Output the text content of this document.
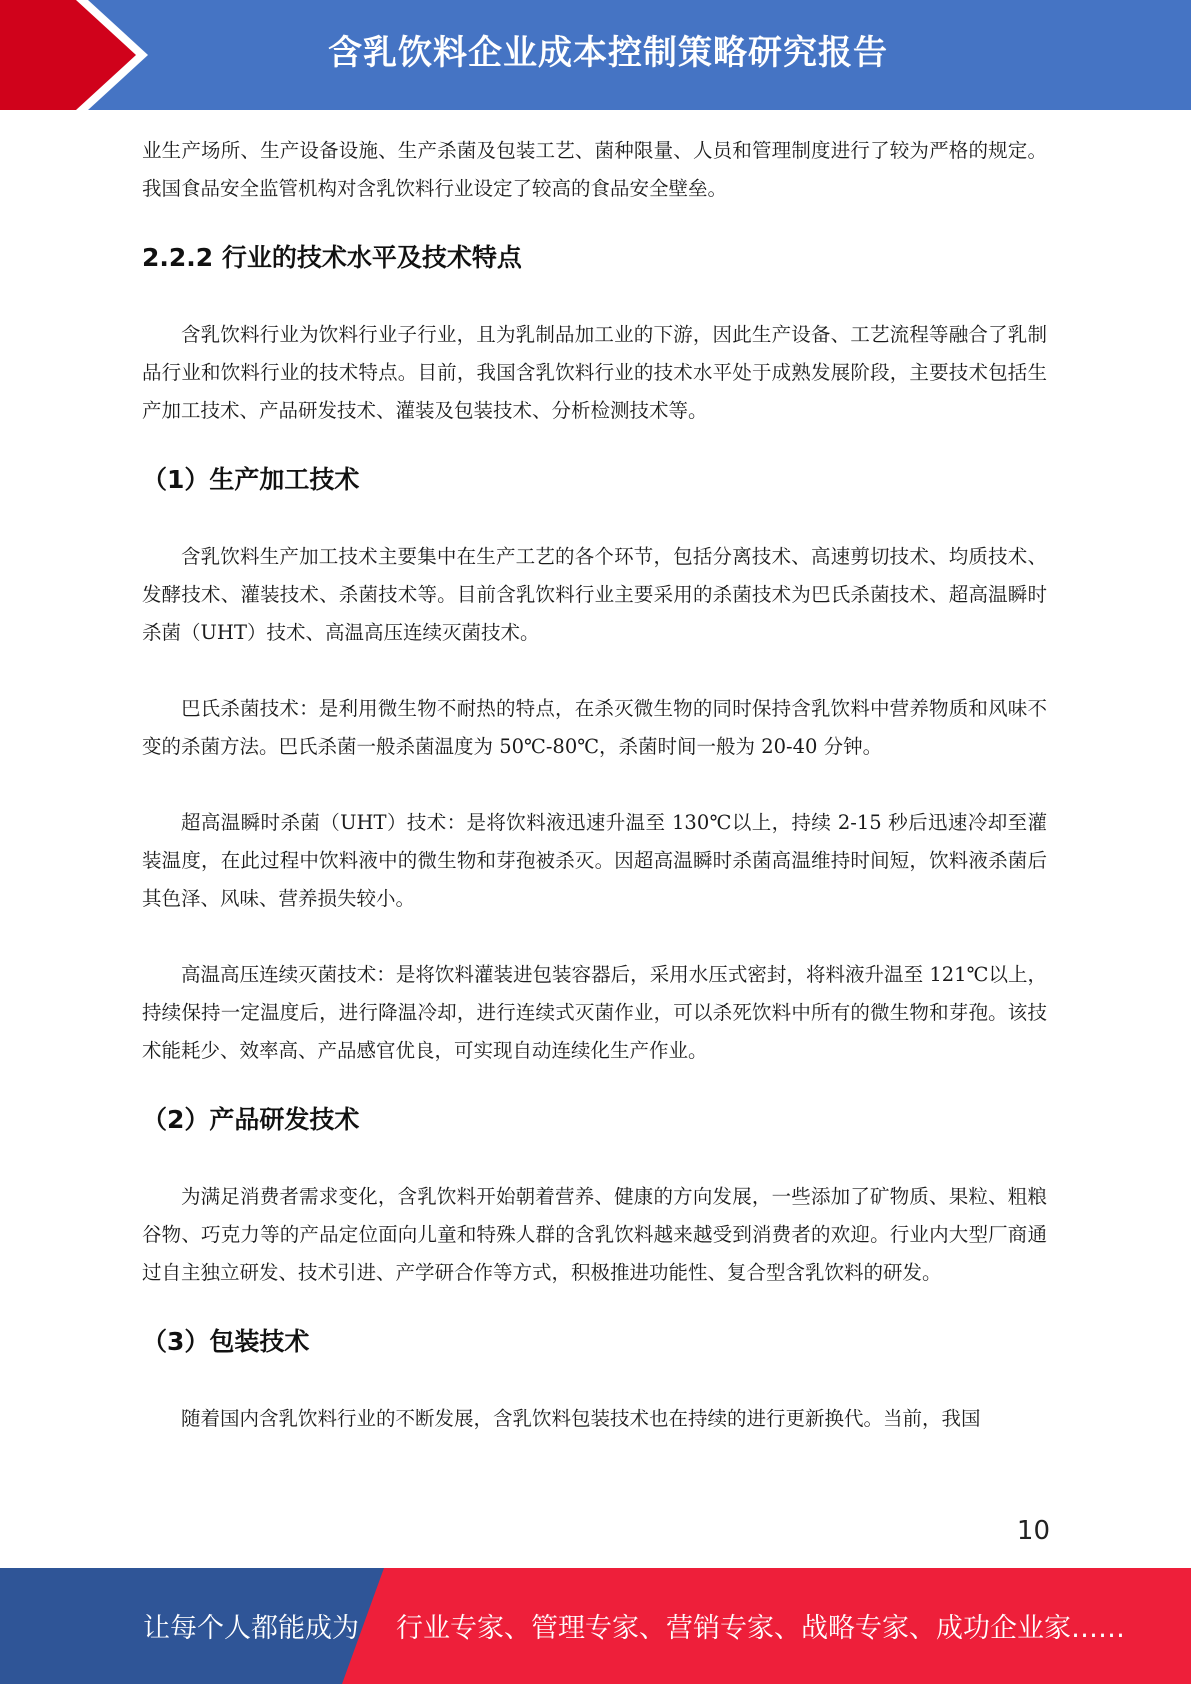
含乳饮料企业成本控制策略研究报告

业生产场所、生产设备设施、生产杀菌及包装工艺、菌种限量、人员和管理制度进行了较为严格的规定。我国食品安全监管机构对含乳饮料行业设定了较高的食品安全壁垒。

2.2.2 行业的技术水平及技术特点

含乳饮料行业为饮料行业子行业，且为乳制品加工业的下游，因此生产设备、工艺流程等融合了乳制品行业和饮料行业的技术特点。目前，我国含乳饮料行业的技术水平处于成熟发展阶段，主要技术包括生产加工技术、产品研发技术、灌装及包装技术、分析检测技术等。

（1）生产加工技术

含乳饮料生产加工技术主要集中在生产工艺的各个环节，包括分离技术、高速剪切技术、均质技术、发酵技术、灌装技术、杀菌技术等。目前含乳饮料行业主要采用的杀菌技术为巴氏杀菌技术、超高温瞬时杀菌（UHT）技术、高温高压连续灭菌技术。

巴氏杀菌技术：是利用微生物不耐热的特点，在杀灭微生物的同时保持含乳饮料中营养物质和风味不变的杀菌方法。巴氏杀菌一般杀菌温度为 50℃-80℃，杀菌时间一般为 20-40 分钟。

超高温瞬时杀菌（UHT）技术：是将饮料液迅速升温至 130℃以上，持续 2-15 秒后迅速冷却至灌装温度，在此过程中饮料液中的微生物和芽孢被杀灭。因超高温瞬时杀菌高温维持时间短，饮料液杀菌后其色泽、风味、营养损失较小。

高温高压连续灭菌技术：是将饮料灌装进包装容器后，采用水压式密封，将料液升温至 121℃以上，持续保持一定温度后，进行降温冷却，进行连续式灭菌作业，可以杀死饮料中所有的微生物和芽孢。该技术能耗少、效率高、产品感官优良，可实现自动连续化生产作业。

（2）产品研发技术

为满足消费者需求变化，含乳饮料开始朝着营养、健康的方向发展，一些添加了矿物质、果粒、粗粮谷物、巧克力等的产品定位面向儿童和特殊人群的含乳饮料越来越受到消费者的欢迎。行业内大型厂商通过自主独立研发、技术引进、产学研合作等方式，积极推进功能性、复合型含乳饮料的研发。

（3）包装技术

随着国内含乳饮料行业的不断发展，含乳饮料包装技术也在持续的进行更新换代。当前，我国

10
让每个人都能成为 行业专家、管理专家、营销专家、战略专家、成功企业家……
